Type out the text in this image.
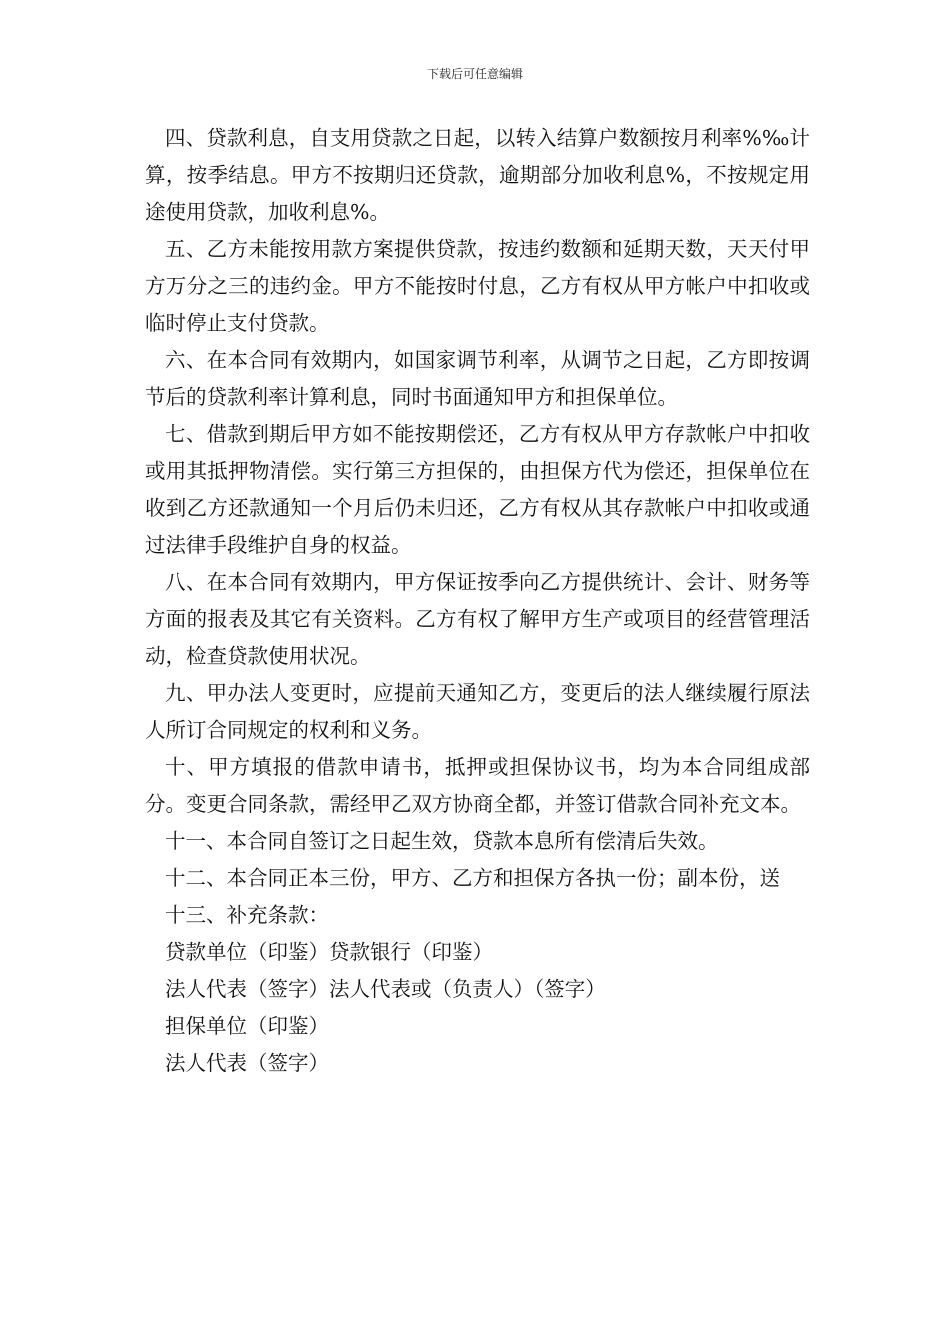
下载后可任意编辑

四、贷款利息，自支用贷款之日起，以转入结算户数额按月利率%‰计算，按季结息。甲方不按期归还贷款，逾期部分加收利息%，不按规定用途使用贷款，加收利息%。

五、乙方未能按用款方案提供贷款，按违约数额和延期天数，天天付甲方万分之三的违约金。甲方不能按时付息，乙方有权从甲方帐户中扣收或临时停止支付贷款。

六、在本合同有效期内，如国家调节利率，从调节之日起，乙方即按调节后的贷款利率计算利息，同时书面通知甲方和担保单位。

七、借款到期后甲方如不能按期偿还，乙方有权从甲方存款帐户中扣收或用其抵押物清偿。实行第三方担保的，由担保方代为偿还，担保单位在收到乙方还款通知一个月后仍未归还，乙方有权从其存款帐户中扣收或通过法律手段维护自身的权益。

八、在本合同有效期内，甲方保证按季向乙方提供统计、会计、财务等方面的报表及其它有关资料。乙方有权了解甲方生产或项目的经营管理活动，检查贷款使用状况。

九、甲办法人变更时，应提前天通知乙方，变更后的法人继续履行原法人所订合同规定的权利和义务。

十、甲方填报的借款申请书，抵押或担保协议书，均为本合同组成部分。变更合同条款，需经甲乙双方协商全都，并签订借款合同补充文本。

十一、本合同自签订之日起生效，贷款本息所有偿清后失效。

十二、本合同正本三份，甲方、乙方和担保方各执一份；副本份，送

十三、补充条款：

贷款单位（印鉴）贷款银行（印鉴）

法人代表（签字）法人代表或（负责人）（签字）

担保单位（印鉴）

法人代表（签字）
